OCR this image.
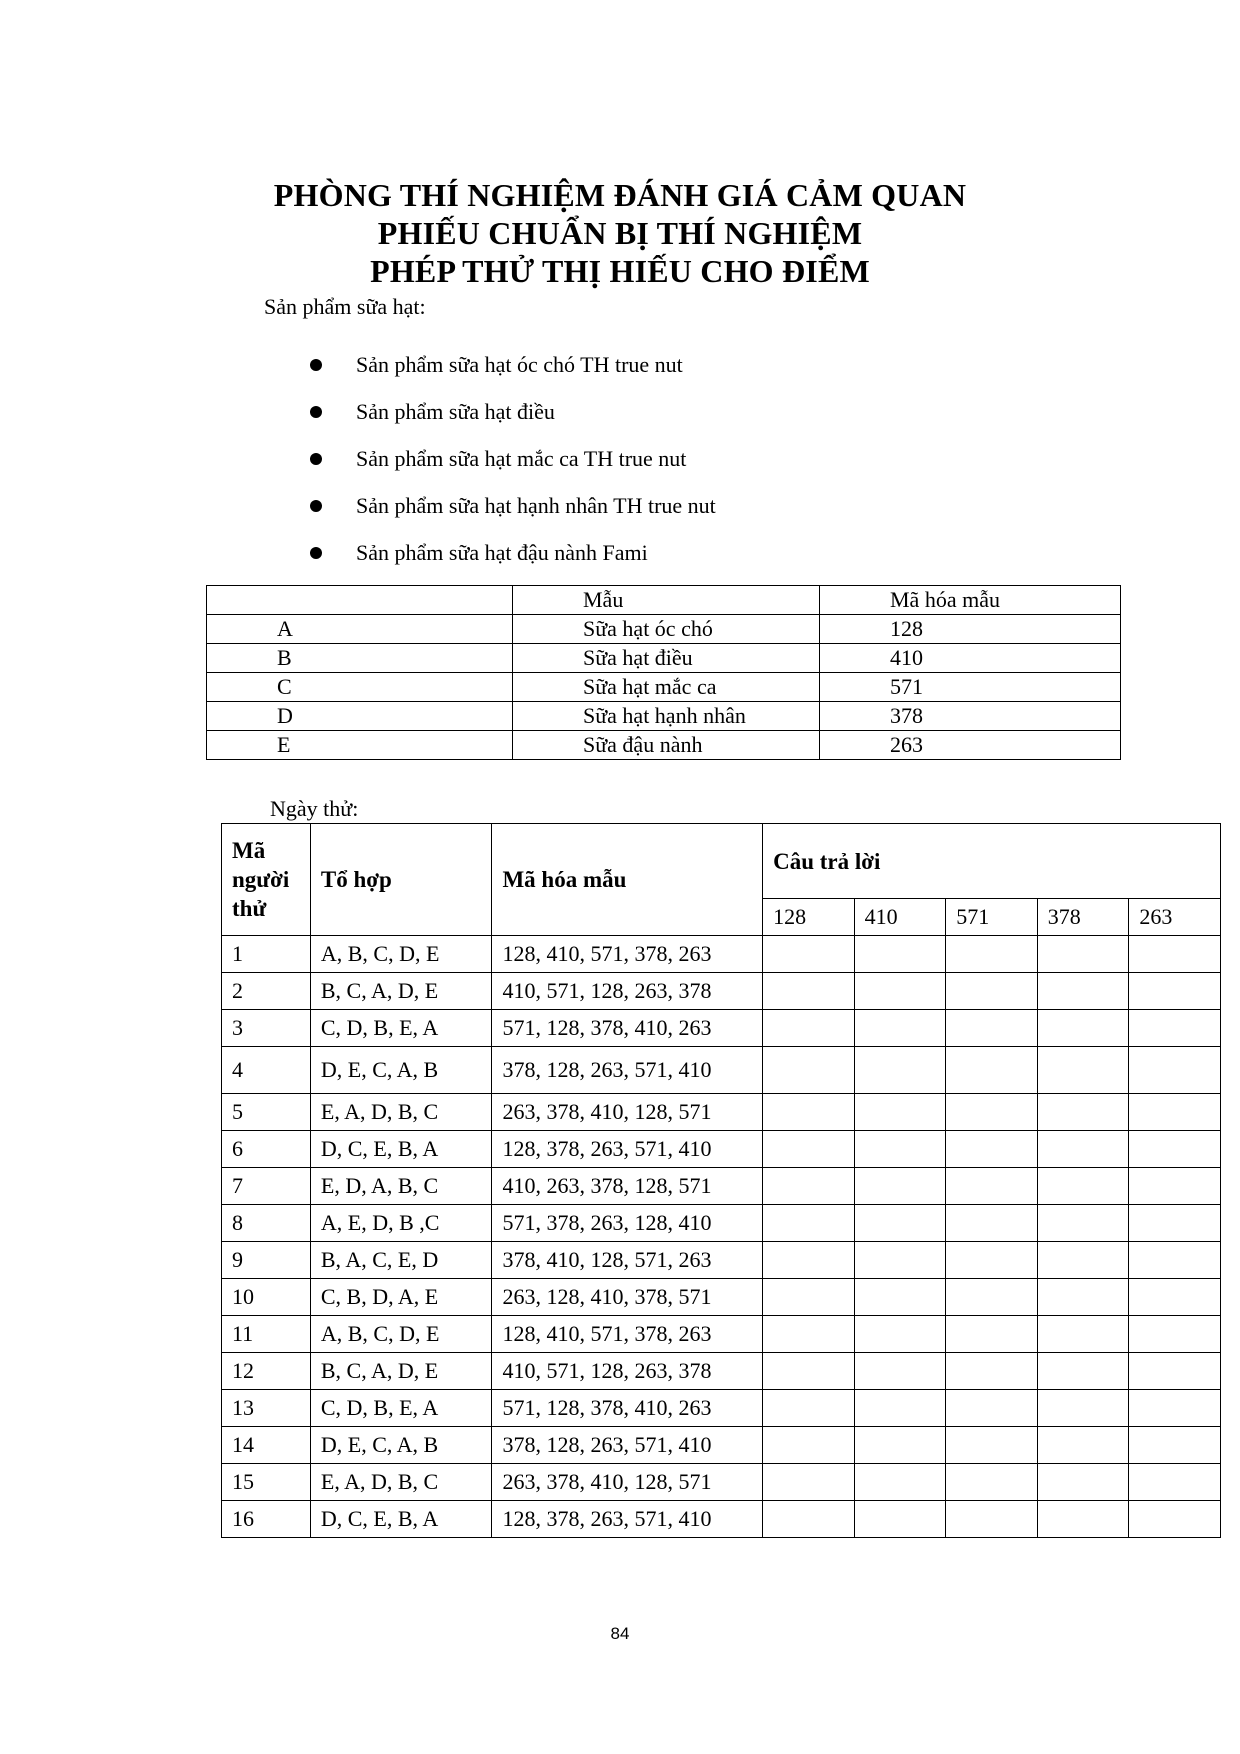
PHÒNG THÍ NGHIỆM ĐÁNH GIÁ CẢM QUAN
PHIẾU CHUẨN BỊ THÍ NGHIỆM
PHÉP THỬ THỊ HIẾU CHO ĐIỂM
Sản phẩm sữa hạt:
Sản phẩm sữa hạt óc chó TH true nut
Sản phẩm sữa hạt điều
Sản phẩm sữa hạt mắc ca TH true nut
Sản phẩm sữa hạt hạnh nhân TH true nut
Sản phẩm sữa hạt đậu nành Fami
	Mẫu	Mã hóa mẫu
A	Sữa hạt óc chó	128
B	Sữa hạt điều	410
C	Sữa hạt mắc ca	571
D	Sữa hạt hạnh nhân	378
E	Sữa đậu nành	263
Ngày thử:
Mã người thử	Tổ hợp	Mã hóa mẫu	Câu trả lời				
			128	410	571	378	263
1	A, B, C, D, E	128, 410, 571, 378, 263					
2	B, C, A, D, E	410, 571, 128, 263, 378					
3	C, D, B, E, A	571, 128, 378, 410, 263					
4	D, E, C, A, B	378, 128, 263, 571, 410					
5	E, A, D, B, C	263, 378, 410, 128, 571					
6	D, C, E, B, A	128, 378, 263, 571, 410					
7	E, D, A, B, C	410, 263, 378, 128, 571					
8	A, E, D, B ,C	571, 378, 263, 128, 410					
9	B, A, C, E, D	378, 410, 128, 571, 263					
10	C, B, D, A, E	263, 128, 410, 378, 571					
11	A, B, C, D, E	128, 410, 571, 378, 263					
12	B, C, A, D, E	410, 571, 128, 263, 378					
13	C, D, B, E, A	571, 128, 378, 410, 263					
14	D, E, C, A, B	378, 128, 263, 571, 410					
15	E, A, D, B, C	263, 378, 410, 128, 571					
16	D, C, E, B, A	128, 378, 263, 571, 410					
84
